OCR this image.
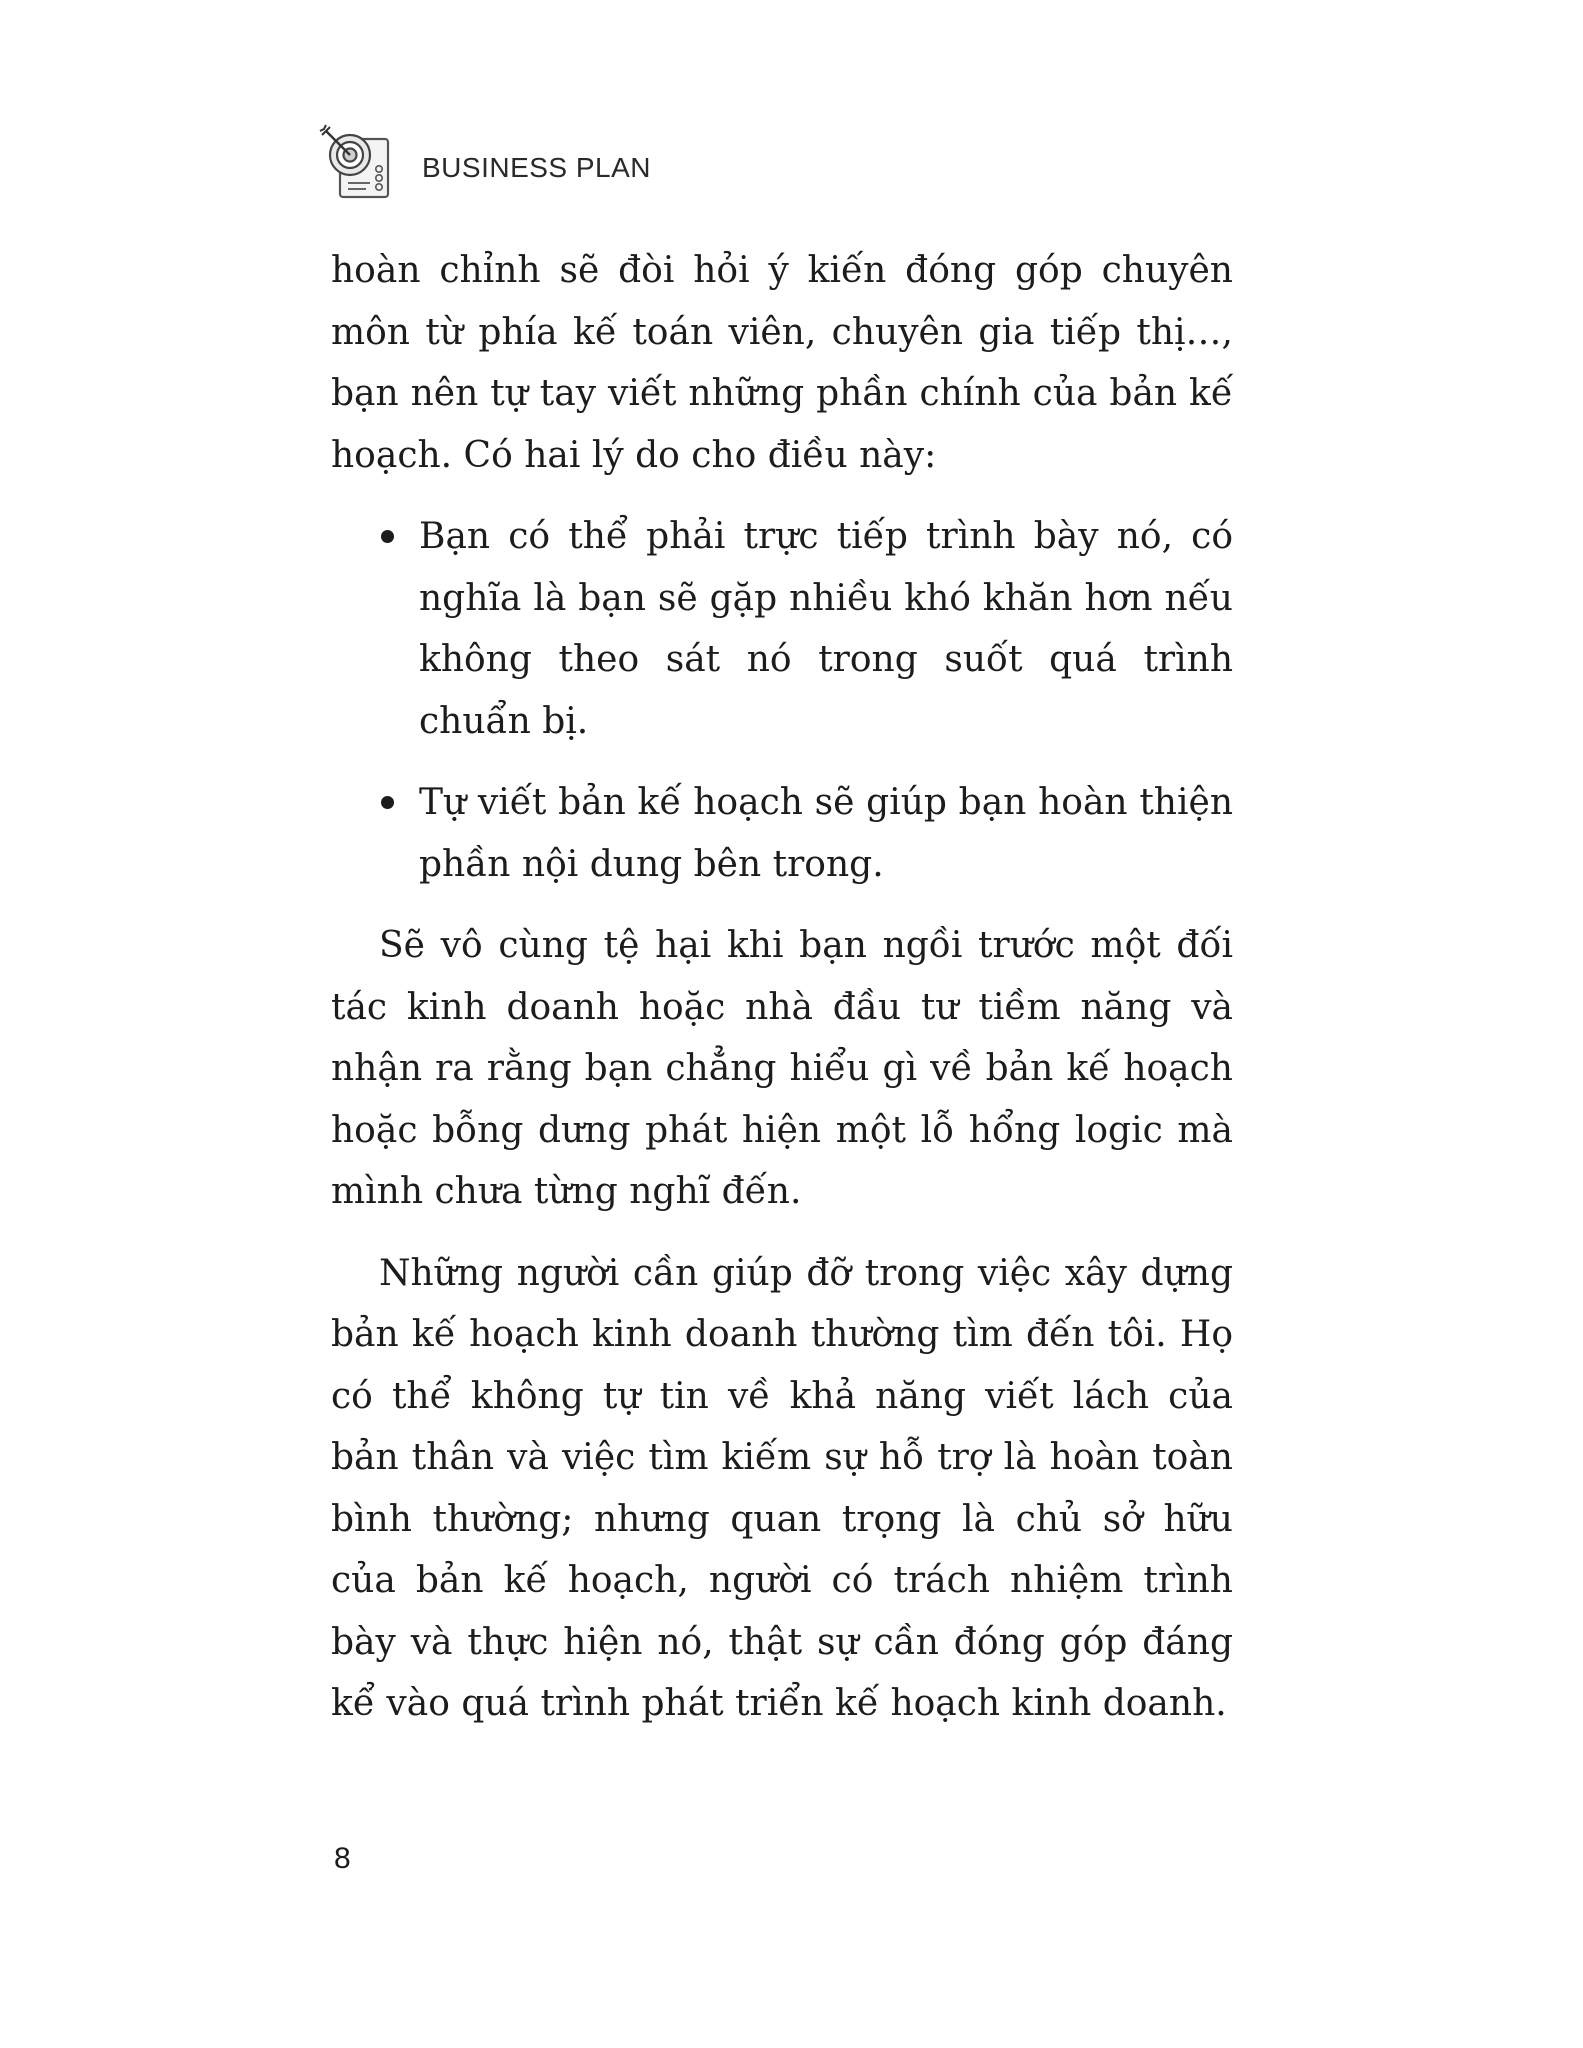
BUSINESS PLAN

hoàn chỉnh sẽ đòi hỏi ý kiến đóng góp chuyên môn từ phía kế toán viên, chuyên gia tiếp thị…, bạn nên tự tay viết những phần chính của bản kế hoạch. Có hai lý do cho điều này:

Bạn có thể phải trực tiếp trình bày nó, có nghĩa là bạn sẽ gặp nhiều khó khăn hơn nếu không theo sát nó trong suốt quá trình chuẩn bị.
Tự viết bản kế hoạch sẽ giúp bạn hoàn thiện phần nội dung bên trong.

Sẽ vô cùng tệ hại khi bạn ngồi trước một đối tác kinh doanh hoặc nhà đầu tư tiềm năng và nhận ra rằng bạn chẳng hiểu gì về bản kế hoạch hoặc bỗng dưng phát hiện một lỗ hổng logic mà mình chưa từng nghĩ đến.

Những người cần giúp đỡ trong việc xây dựng bản kế hoạch kinh doanh thường tìm đến tôi. Họ có thể không tự tin về khả năng viết lách của bản thân và việc tìm kiếm sự hỗ trợ là hoàn toàn bình thường; nhưng quan trọng là chủ sở hữu của bản kế hoạch, người có trách nhiệm trình bày và thực hiện nó, thật sự cần đóng góp đáng kể vào quá trình phát triển kế hoạch kinh doanh.

8
